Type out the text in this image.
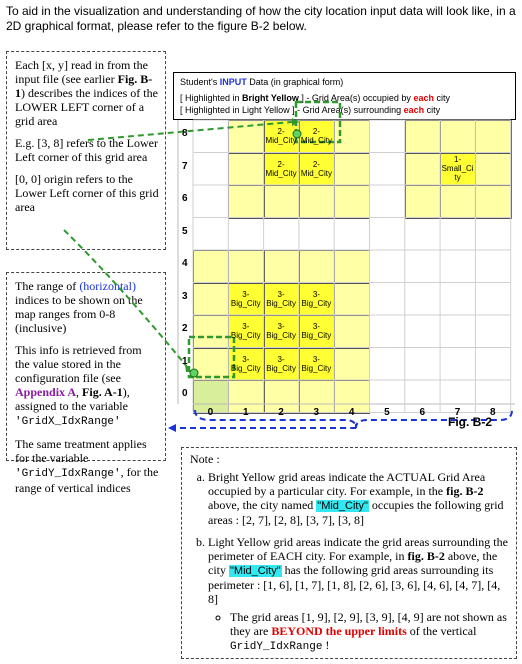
To aid in the visualization and understanding of how the city location input data will look like, in a 2D graphical format, please refer to the figure B-2 below.
Student's INPUT Data (in graphical form)
[ Highlighted in Bright Yellow ] - Grid Area(s) occupied by each city
[ Highlighted in Light Yellow ] - Grid Area(s) surrounding each city

Each [x, y] read in from the input file (see earlier Fig. B-1) describes the indices of the LOWER LEFT corner of a grid area

E.g. [3, 8] refers to the Lower Left corner of this grid area

[0, 0] origin refers to the Lower Left corner of this grid area

The range of (horizontal) indices to be shown on the map ranges from 0-8 (inclusive)

This info is retrieved from the value stored in the configuration file (see Appendix A, Fig. A-1), assigned to the variable 'GridX_IdxRange'

The same treatment applies for the variable 'GridY_IdxRange', for the range of vertical indices

0
1
2
3
4
5
6
7
8
0	1	2	3	4	5	6	7	8
Fig. B-2
Note :
a. Bright Yellow grid areas indicate the ACTUAL Grid Area occupied by a particular city. For example, in the fig. B-2 above, the city named "Mid_City" occupies the following grid areas : [2, 7], [2, 8], [3, 7], [3, 8]
b. Light Yellow grid areas indicate the grid areas surrounding the perimeter of EACH city. For example, in fig. B-2 above, the city "Mid_City" has the following grid areas surrounding its perimeter : [1, 6], [1, 7], [1, 8], [2, 6], [3, 6], [4, 6], [4, 7], [4, 8]
◦ The grid areas [1, 9], [2, 9], [3, 9], [4, 9] are not shown as they are BEYOND the upper limits of the vertical GridY_IdxRange !
2-
Mid_City
2-
Mid_City
2-
Mid_City
2-
Mid_City
3-
Big_City
3-
Big_City
3-
Big_City
3-
Big_City
3-
Big_City
3-
Big_City
3-
Big_City
3-
Big_City
3-
Big_City
1-
Small_Ci
ty
